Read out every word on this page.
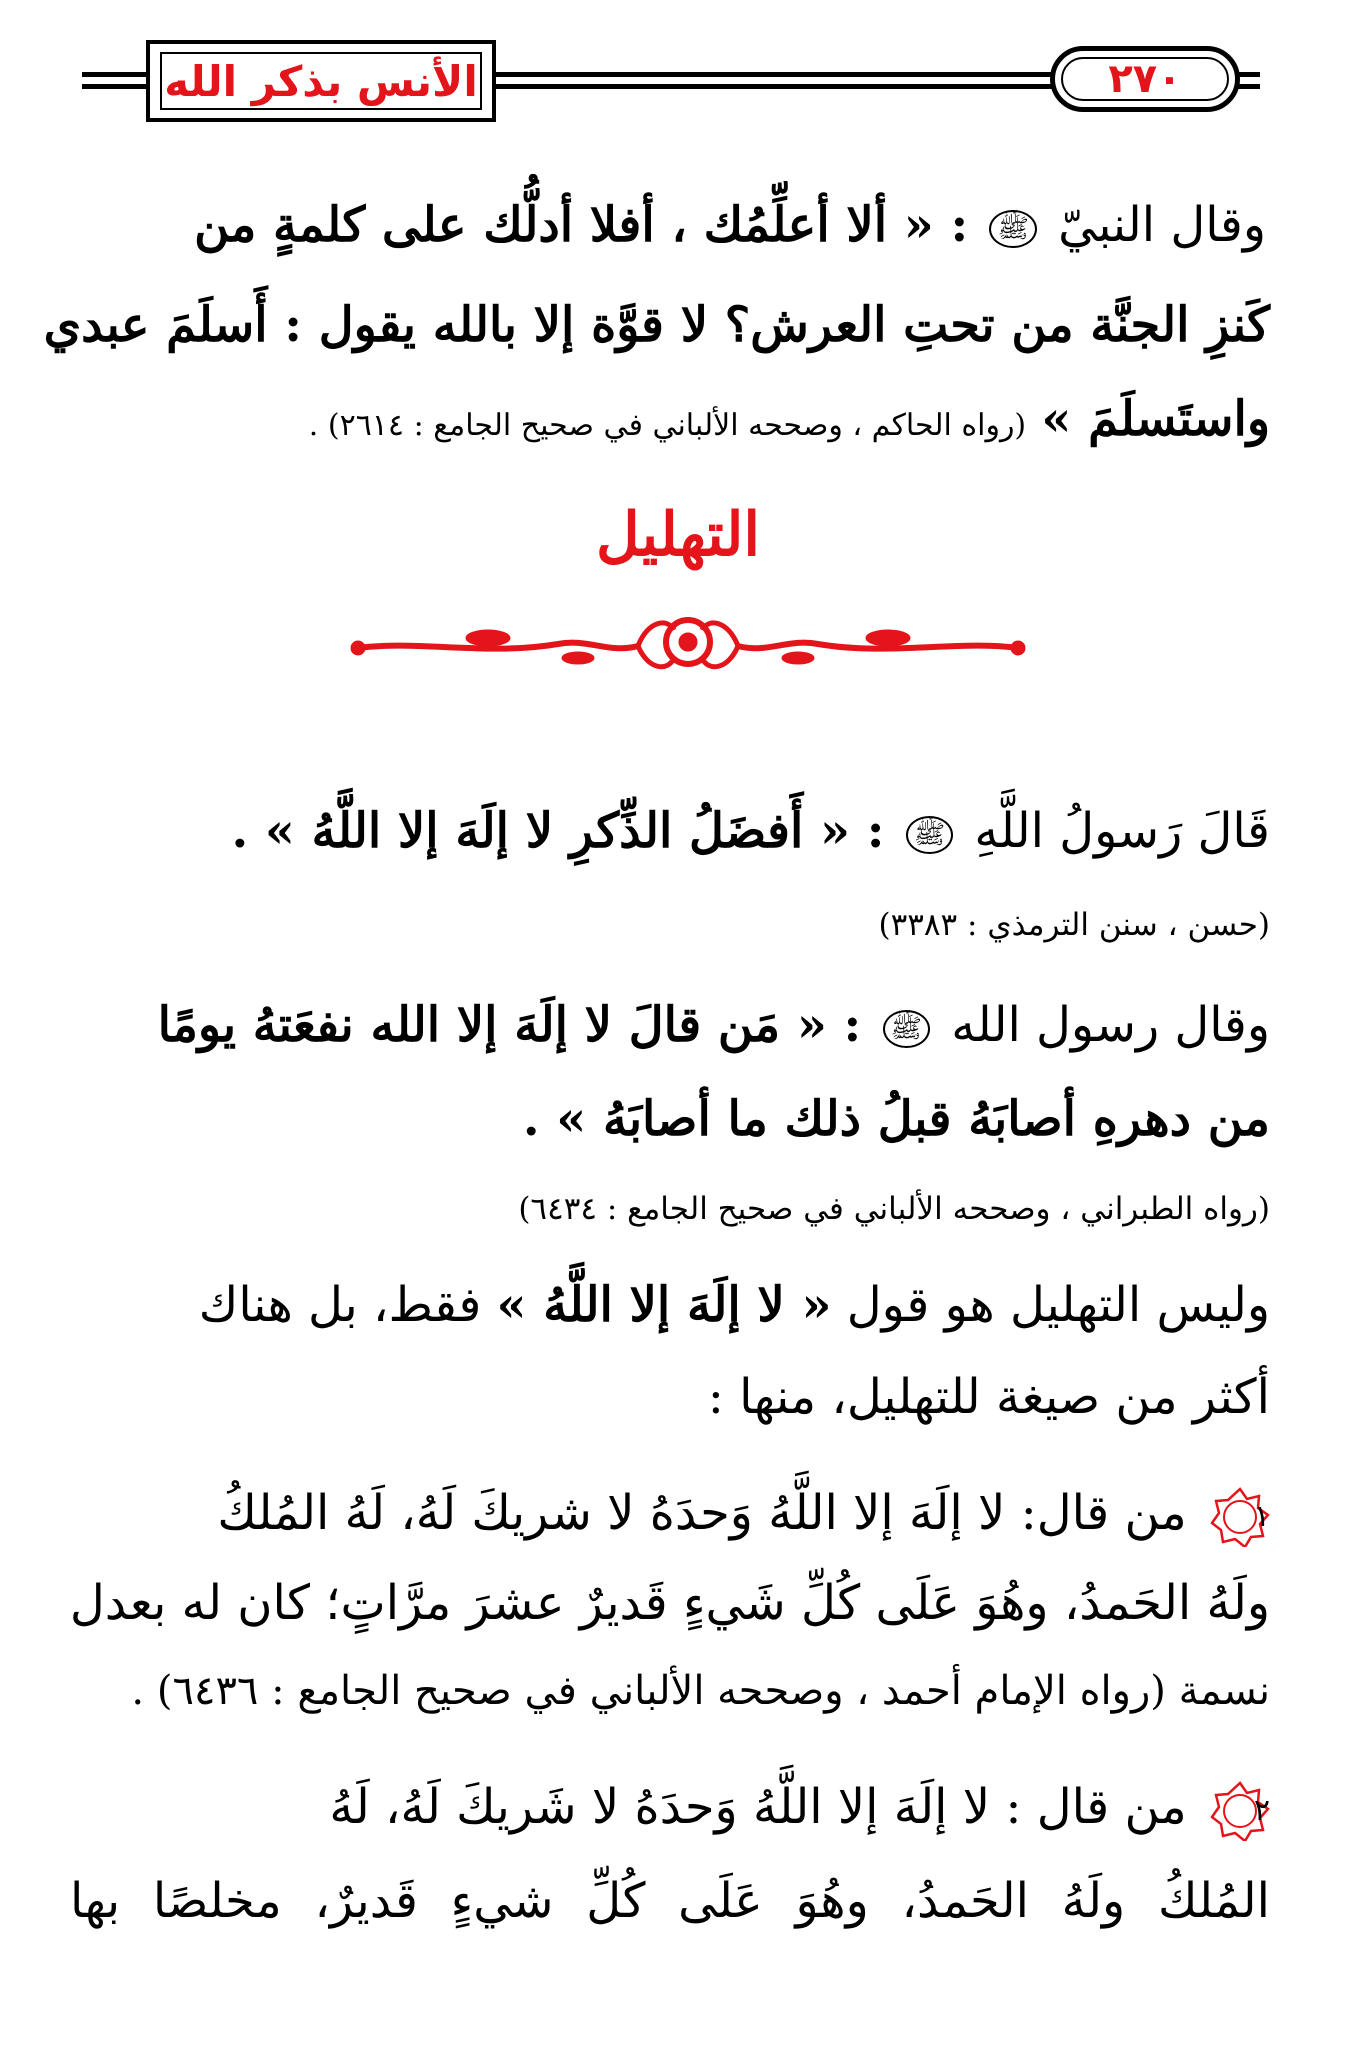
الأنس بذكر الله	٢٧٠
وقال النبيّ ﷺ : « ألا أعلِّمُك ، أفلا أدلُّك على كلمةٍ من
كَنزِ الجنَّة من تحتِ العرش؟ لا قوَّة إلا بالله يقول : أَسلَمَ عبدي
واستَسلَمَ » (رواه الحاكم ، وصححه الألباني في صحيح الجامع : ٢٦١٤) .
التهليل
قَالَ رَسولُ اللَّهِ ﷺ : « أَفضَلُ الذِّكرِ لا إلَهَ إلا اللَّهُ » .
(حسن ، سنن الترمذي : ٣٣٨٣)
وقال رسول الله ﷺ : « مَن قالَ لا إلَهَ إلا الله نفعَتهُ يومًا
من دهرهِ أصابَهُ قبلُ ذلك ما أصابَهُ » .
(رواه الطبراني ، وصححه الألباني في صحيح الجامع : ٦٤٣٤)
وليس التهليل هو قول « لا إلَهَ إلا اللَّهُ » فقط، بل هناك
أكثر من صيغة للتهليل، منها :
١
من قال: لا إلَهَ إلا اللَّهُ وَحدَهُ لا شريكَ لَهُ، لَهُ المُلكُ
ولَهُ الحَمدُ، وهُوَ عَلَى كُلِّ شَيءٍ قَديرٌ عشرَ مرَّاتٍ؛ كان له بعدل
نسمة (رواه الإمام أحمد ، وصححه الألباني في صحيح الجامع : ٦٤٣٦) .
٢
من قال : لا إلَهَ إلا اللَّهُ وَحدَهُ لا شَريكَ لَهُ، لَهُ
المُلكُ ولَهُ الحَمدُ، وهُوَ عَلَى كُلِّ شيءٍ قَديرٌ، مخلصًا بها
